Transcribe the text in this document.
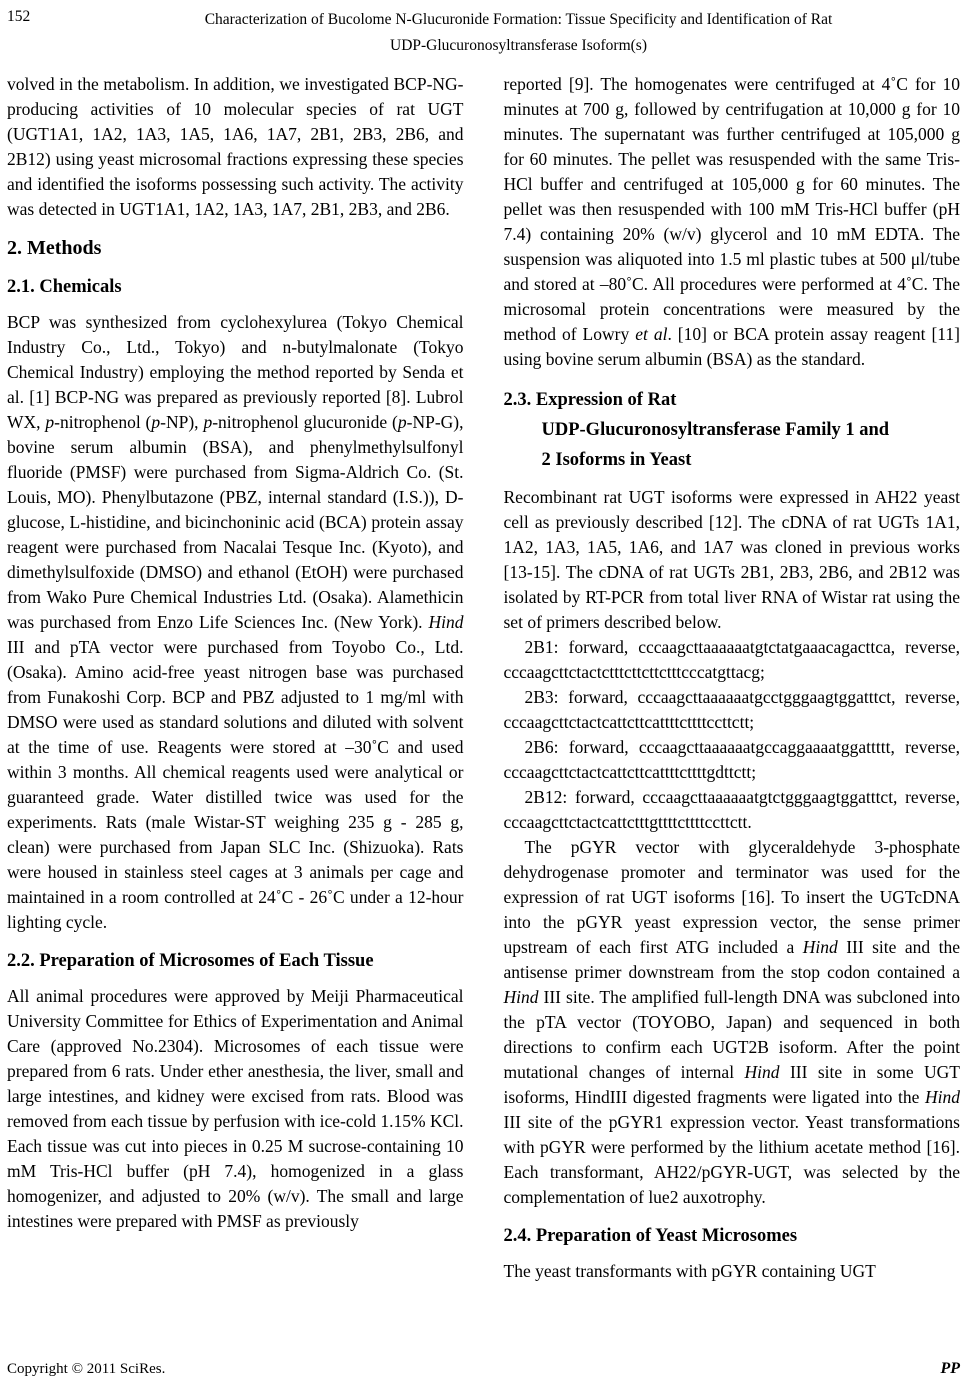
152	Characterization of Bucolome N-Glucuronide Formation: Tissue Specificity and Identification of Rat
UDP-Glucuronosyltransferase Isoform(s)

volved in the metabolism. In addition, we investigated BCP-NG-producing activities of 10 molecular species of rat UGT (UGT1A1, 1A2, 1A3, 1A5, 1A6, 1A7, 2B1, 2B3, 2B6, and 2B12) using yeast microsomal fractions expressing these species and identified the isoforms possessing such activity. The activity was detected in UGT1A1, 1A2, 1A3, 1A7, 2B1, 2B3, and 2B6.

2. Methods
2.1. Chemicals

BCP was synthesized from cyclohexylurea (Tokyo Chemical Industry Co., Ltd., Tokyo) and n-butylmalonate (Tokyo Chemical Industry) employing the method reported by Senda et al. [1] BCP-NG was prepared as previously reported [8]. Lubrol WX, p-nitrophenol (p-NP), p-nitrophenol glucuronide (p-NP-G), bovine serum albumin (BSA), and phenylmethylsulfonyl fluoride (PMSF) were purchased from Sigma-Aldrich Co. (St. Louis, MO). Phenylbutazone (PBZ, internal standard (I.S.)), D-glucose, L-histidine, and bicinchoninic acid (BCA) protein assay reagent were purchased from Nacalai Tesque Inc. (Kyoto), and dimethylsulfoxide (DMSO) and ethanol (EtOH) were purchased from Wako Pure Chemical Industries Ltd. (Osaka). Alamethicin was purchased from Enzo Life Sciences Inc. (New York). Hind III and pTA vector were purchased from Toyobo Co., Ltd. (Osaka). Amino acid-free yeast nitrogen base was purchased from Funakoshi Corp. BCP and PBZ adjusted to 1 mg/ml with DMSO were used as standard solutions and diluted with solvent at the time of use. Reagents were stored at –30˚C and used within 3 months. All chemical reagents used were analytical or guaranteed grade. Water distilled twice was used for the experiments. Rats (male Wistar-ST weighing 235 g - 285 g, clean) were purchased from Japan SLC Inc. (Shizuoka). Rats were housed in stainless steel cages at 3 animals per cage and maintained in a room controlled at 24˚C - 26˚C under a 12-hour lighting cycle.

2.2. Preparation of Microsomes of Each Tissue

All animal procedures were approved by Meiji Pharmaceutical University Committee for Ethics of Experimentation and Animal Care (approved No.2304). Microsomes of each tissue were prepared from 6 rats. Under ether anesthesia, the liver, small and large intestines, and kidney were excised from rats. Blood was removed from each tissue by perfusion with ice-cold 1.15% KCl. Each tissue was cut into pieces in 0.25 M sucrose-containing 10 mM Tris-HCl buffer (pH 7.4), homogenized in a glass homogenizer, and adjusted to 20% (w/v). The small and large intestines were prepared with PMSF as previously

reported [9]. The homogenates were centrifuged at 4˚C for 10 minutes at 700 g, followed by centrifugation at 10,000 g for 10 minutes. The supernatant was further centrifuged at 105,000 g for 60 minutes. The pellet was resuspended with the same Tris-HCl buffer and centrifuged at 105,000 g for 60 minutes. The pellet was then resuspended with 100 mM Tris-HCl buffer (pH 7.4) containing 20% (w/v) glycerol and 10 mM EDTA. The suspension was aliquoted into 1.5 ml plastic tubes at 500 μl/tube and stored at –80˚C. All procedures were performed at 4˚C. The microsomal protein concentrations were measured by the method of Lowry et al. [10] or BCA protein assay reagent [11] using bovine serum albumin (BSA) as the standard.

2.3. Expression of Rat
UDP-Glucuronosyltransferase Family 1 and
2 Isoforms in Yeast

Recombinant rat UGT isoforms were expressed in AH22 yeast cell as previously described [12]. The cDNA of rat UGTs 1A1, 1A2, 1A3, 1A5, 1A6, and 1A7 was cloned in previous works [13-15]. The cDNA of rat UGTs 2B1, 2B3, 2B6, and 2B12 was isolated by RT-PCR from total liver RNA of Wistar rat using the set of primers described below.

2B1: forward, cccaagcttaaaaaatgtctatgaaacagacttca, reverse, cccaagcttctactctttcttcttctttcccatgttacg;

2B3: forward, cccaagcttaaaaaatgcctgggaagtggatttct, reverse, cccaagcttctactcattcttcattttcttttccttctt;

2B6: forward, cccaagcttaaaaaatgccaggaaaatggattttt, reverse, cccaagcttctactcattcttcattttcttttgdttctt;

2B12: forward, cccaagcttaaaaaatgtctgggaagtggatttct, reverse, cccaagcttctactcattctttgttttcttttccttctt.

The pGYR vector with glyceraldehyde 3-phosphate dehydrogenase promoter and terminator was used for the expression of rat UGT isoforms [16]. To insert the UGTcDNA into the pGYR yeast expression vector, the sense primer upstream of each first ATG included a Hind III site and the antisense primer downstream from the stop codon contained a Hind III site. The amplified full-length DNA was subcloned into the pTA vector (TOYOBO, Japan) and sequenced in both directions to confirm each UGT2B isoform. After the point mutational changes of internal Hind III site in some UGT isoforms, HindIII digested fragments were ligated into the Hind III site of the pGYR1 expression vector. Yeast transformations with pGYR were performed by the lithium acetate method [16]. Each transformant, AH22/pGYR-UGT, was selected by the complementation of lue2 auxotrophy.

2.4. Preparation of Yeast Microsomes

The yeast transformants with pGYR containing UGT

Copyright © 2011 SciRes.	PP
